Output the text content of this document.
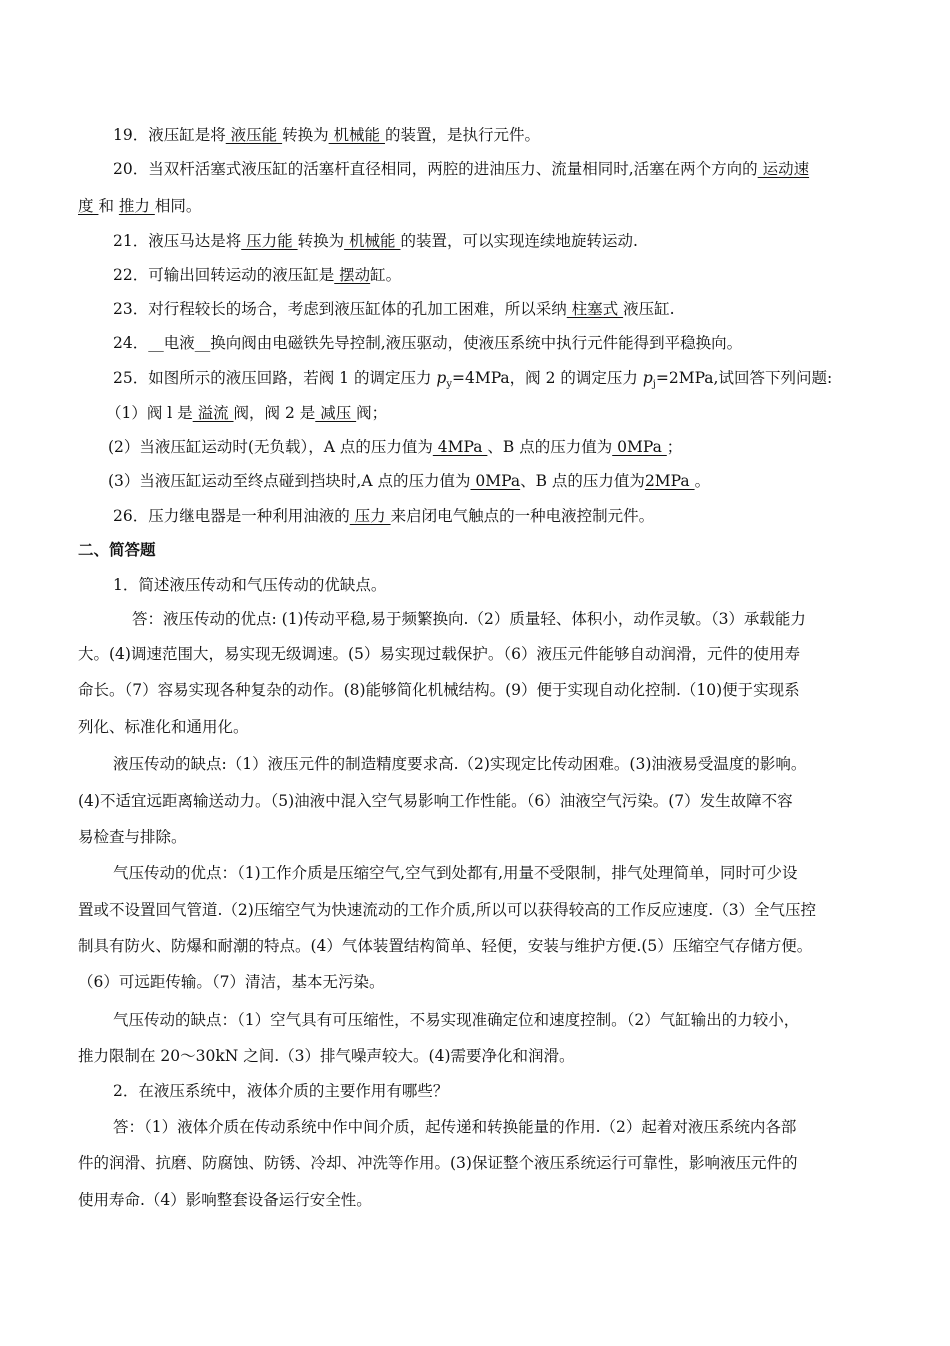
19．液压缸是将 液压能 转换为 机械能 的装置，是执行元件。
20．当双杆活塞式液压缸的活塞杆直径相同，两腔的进油压力、流量相同时,活塞在两个方向的 运动速
度 和 推力 相同。
21．液压马达是将 压力能 转换为 机械能 的装置，可以实现连续地旋转运动.
22．可输出回转运动的液压缸是 摆动缸。
23．对行程较长的场合，考虑到液压缸体的孔加工困难，所以采纳 柱塞式 液压缸.
24．__电液__换向阀由电磁铁先导控制,液压驱动，使液压系统中执行元件能得到平稳换向。
25．如图所示的液压回路，若阀 1 的调定压力 $p_y=4MPa$，阀 2 的调定压力 $p_j=2MPa$,试回答下列问题:
（1）阀 l 是 溢流 阀，阀 2 是 减压 阀；
(2）当液压缸运动时(无负载），A 点的压力值为 4MPa 、B 点的压力值为 0MPa ；
(3）当液压缸运动至终点碰到挡块时,A 点的压力值为 0MPa、B 点的压力值为2MPa 。
26．压力继电器是一种利用油液的 压力 来启闭电气触点的一种电液控制元件。
二、简答题
1．简述液压传动和气压传动的优缺点。
答：液压传动的优点: (1)传动平稳,易于频繁换向.（2）质量轻、体积小，动作灵敏。（3）承载能力
大。(4)调速范围大，易实现无级调速。(5）易实现过载保护。（6）液压元件能够自动润滑，元件的使用寿
命长。（7）容易实现各种复杂的动作。(8)能够简化机械结构。(9）便于实现自动化控制.（10)便于实现系
列化、标准化和通用化。
液压传动的缺点:（1）液压元件的制造精度要求高.（2)实现定比传动困难。(3)油液易受温度的影响。
(4)不适宜远距离输送动力。（5)油液中混入空气易影响工作性能。（6）油液空气污染。(7）发生故障不容
易检查与排除。
气压传动的优点：（1)工作介质是压缩空气,空气到处都有,用量不受限制，排气处理简单，同时可少设
置或不设置回气管道.（2)压缩空气为快速流动的工作介质,所以可以获得较高的工作反应速度.（3）全气压控
制具有防火、防爆和耐潮的特点。(4）气体装置结构简单、轻便，安装与维护方便.(5）压缩空气存储方便。
（6）可远距传输。（7）清洁，基本无污染。
气压传动的缺点：（1）空气具有可压缩性，不易实现准确定位和速度控制。（2）气缸输出的力较小，
推力限制在 20～30kN 之间.（3）排气噪声较大。(4)需要净化和润滑。
2．在液压系统中，液体介质的主要作用有哪些？
答：（1）液体介质在传动系统中作中间介质，起传递和转换能量的作用.（2）起着对液压系统内各部
件的润滑、抗磨、防腐蚀、防锈、冷却、冲洗等作用。(3)保证整个液压系统运行可靠性，影响液压元件的
使用寿命.（4）影响整套设备运行安全性。
